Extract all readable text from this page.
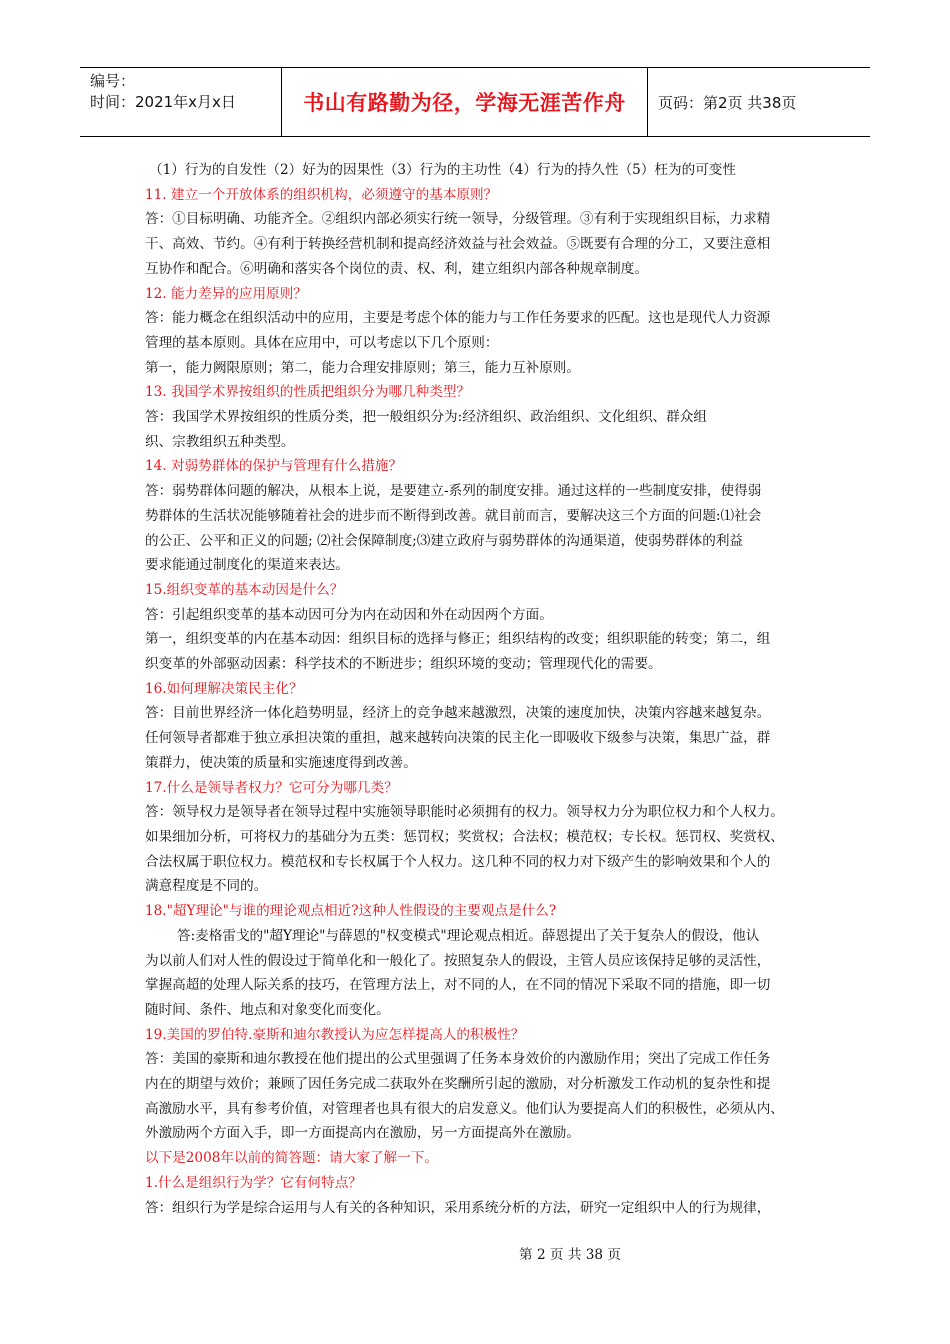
编号：
时间：2021年x月x日	书山有路勤为径，学海无涯苦作舟	页码：第2页 共38页

（1）行为的自发性（2）好为的因果性（3）行为的主功性（4）行为的持久性（5）枉为的可变性

11. 建立一个开放体系的组织机构，必须遵守的基本原则？

答：①目标明确、功能齐全。②组织内部必须实行统一领导，分级管理。③有利于实现组织目标，力求精

干、高效、节约。④有利于转换经营机制和提高经济效益与社会效益。⑤既要有合理的分工，又要注意相

互协作和配合。⑥明确和落实各个岗位的责、权、利，建立组织内部各种规章制度。

12. 能力差异的应用原则？

答：能力概念在组织活动中的应用，主要是考虑个体的能力与工作任务要求的匹配。这也是现代人力资源

管理的基本原则。具体在应用中，可以考虑以下几个原则：

第一，能力阙限原则；第二，能力合理安排原则；第三，能力互补原则。

13. 我国学术界按组织的性质把组织分为哪几种类型？

答：我国学术界按组织的性质分类，把一般组织分为:经济组织、政治组织、文化组织、群众组

织、宗教组织五种类型。

14. 对弱势群体的保护与管理有什么措施？

答：弱势群体问题的解决，从根本上说，是要建立-系列的制度安排。通过这样的一些制度安排，使得弱

势群体的生活状况能够随着社会的进步而不断得到改善。就目前而言，要解决这三个方面的问题:⑴社会

的公正、公平和正义的问题; ⑵社会保障制度;⑶建立政府与弱势群体的沟通渠道，使弱势群体的利益

要求能通过制度化的渠道来表达。

15.组织变革的基本动因是什么？

答：引起组织变革的基本动因可分为内在动因和外在动因两个方面。

第一，组织变革的内在基本动因：组织目标的选择与修正；组织结构的改变；组织职能的转变；第二，组

织变革的外部驱动因素：科学技术的不断进步；组织环境的变动；管理现代化的需要。

16.如何理解决策民主化？

答：目前世界经济一体化趋势明显，经济上的竞争越来越激烈，决策的速度加快，决策内容越来越复杂。

任何领导者都难于独立承担决策的重担，越来越转向决策的民主化一即吸收下级参与决策，集思广益，群

策群力，使决策的质量和实施速度得到改善。

17.什么是领导者权力？它可分为哪几类？

答：领导权力是领导者在领导过程中实施领导职能时必须拥有的权力。领导权力分为职位权力和个人权力。

如果细加分析，可将权力的基础分为五类：惩罚权；奖赏权；合法权；模范权；专长权。惩罚权、奖赏权、

合法权属于职位权力。模范权和专长权属于个人权力。这几种不同的权力对下级产生的影响效果和个人的

满意程度是不同的。

18."超Y理论"与谁的理论观点相近?这种人性假设的主要观点是什么?

答:麦格雷戈的"超Y理论"与薛恩的"权变模式"理论观点相近。薛恩提出了关于复杂人的假设，他认

为以前人们对人性的假设过于简单化和一般化了。按照复杂人的假设，主管人员应该保持足够的灵活性，

掌握高超的处理人际关系的技巧，在管理方法上，对不同的人，在不同的情况下采取不同的措施，即一切

随时间、条件、地点和对象变化而变化。

19.美国的罗伯特.豪斯和迪尔教授认为应怎样提高人的积极性？

答：美国的豪斯和迪尔教授在他们提出的公式里强调了任务本身效价的内激励作用；突出了完成工作任务

内在的期望与效价；兼顾了因任务完成二获取外在奖酬所引起的激励，对分析激发工作动机的复杂性和提

高激励水平，具有参考价值，对管理者也具有很大的启发意义。他们认为要提高人们的积极性，必须从内、

外激励两个方面入手，即一方面提高内在激励，另一方面提高外在激励。

以下是2008年以前的简答题：请大家了解一下。

1.什么是组织行为学？它有何特点？

答：组织行为学是综合运用与人有关的各种知识，采用系统分析的方法，研究一定组织中人的行为规律，

第 2 页 共 38 页
